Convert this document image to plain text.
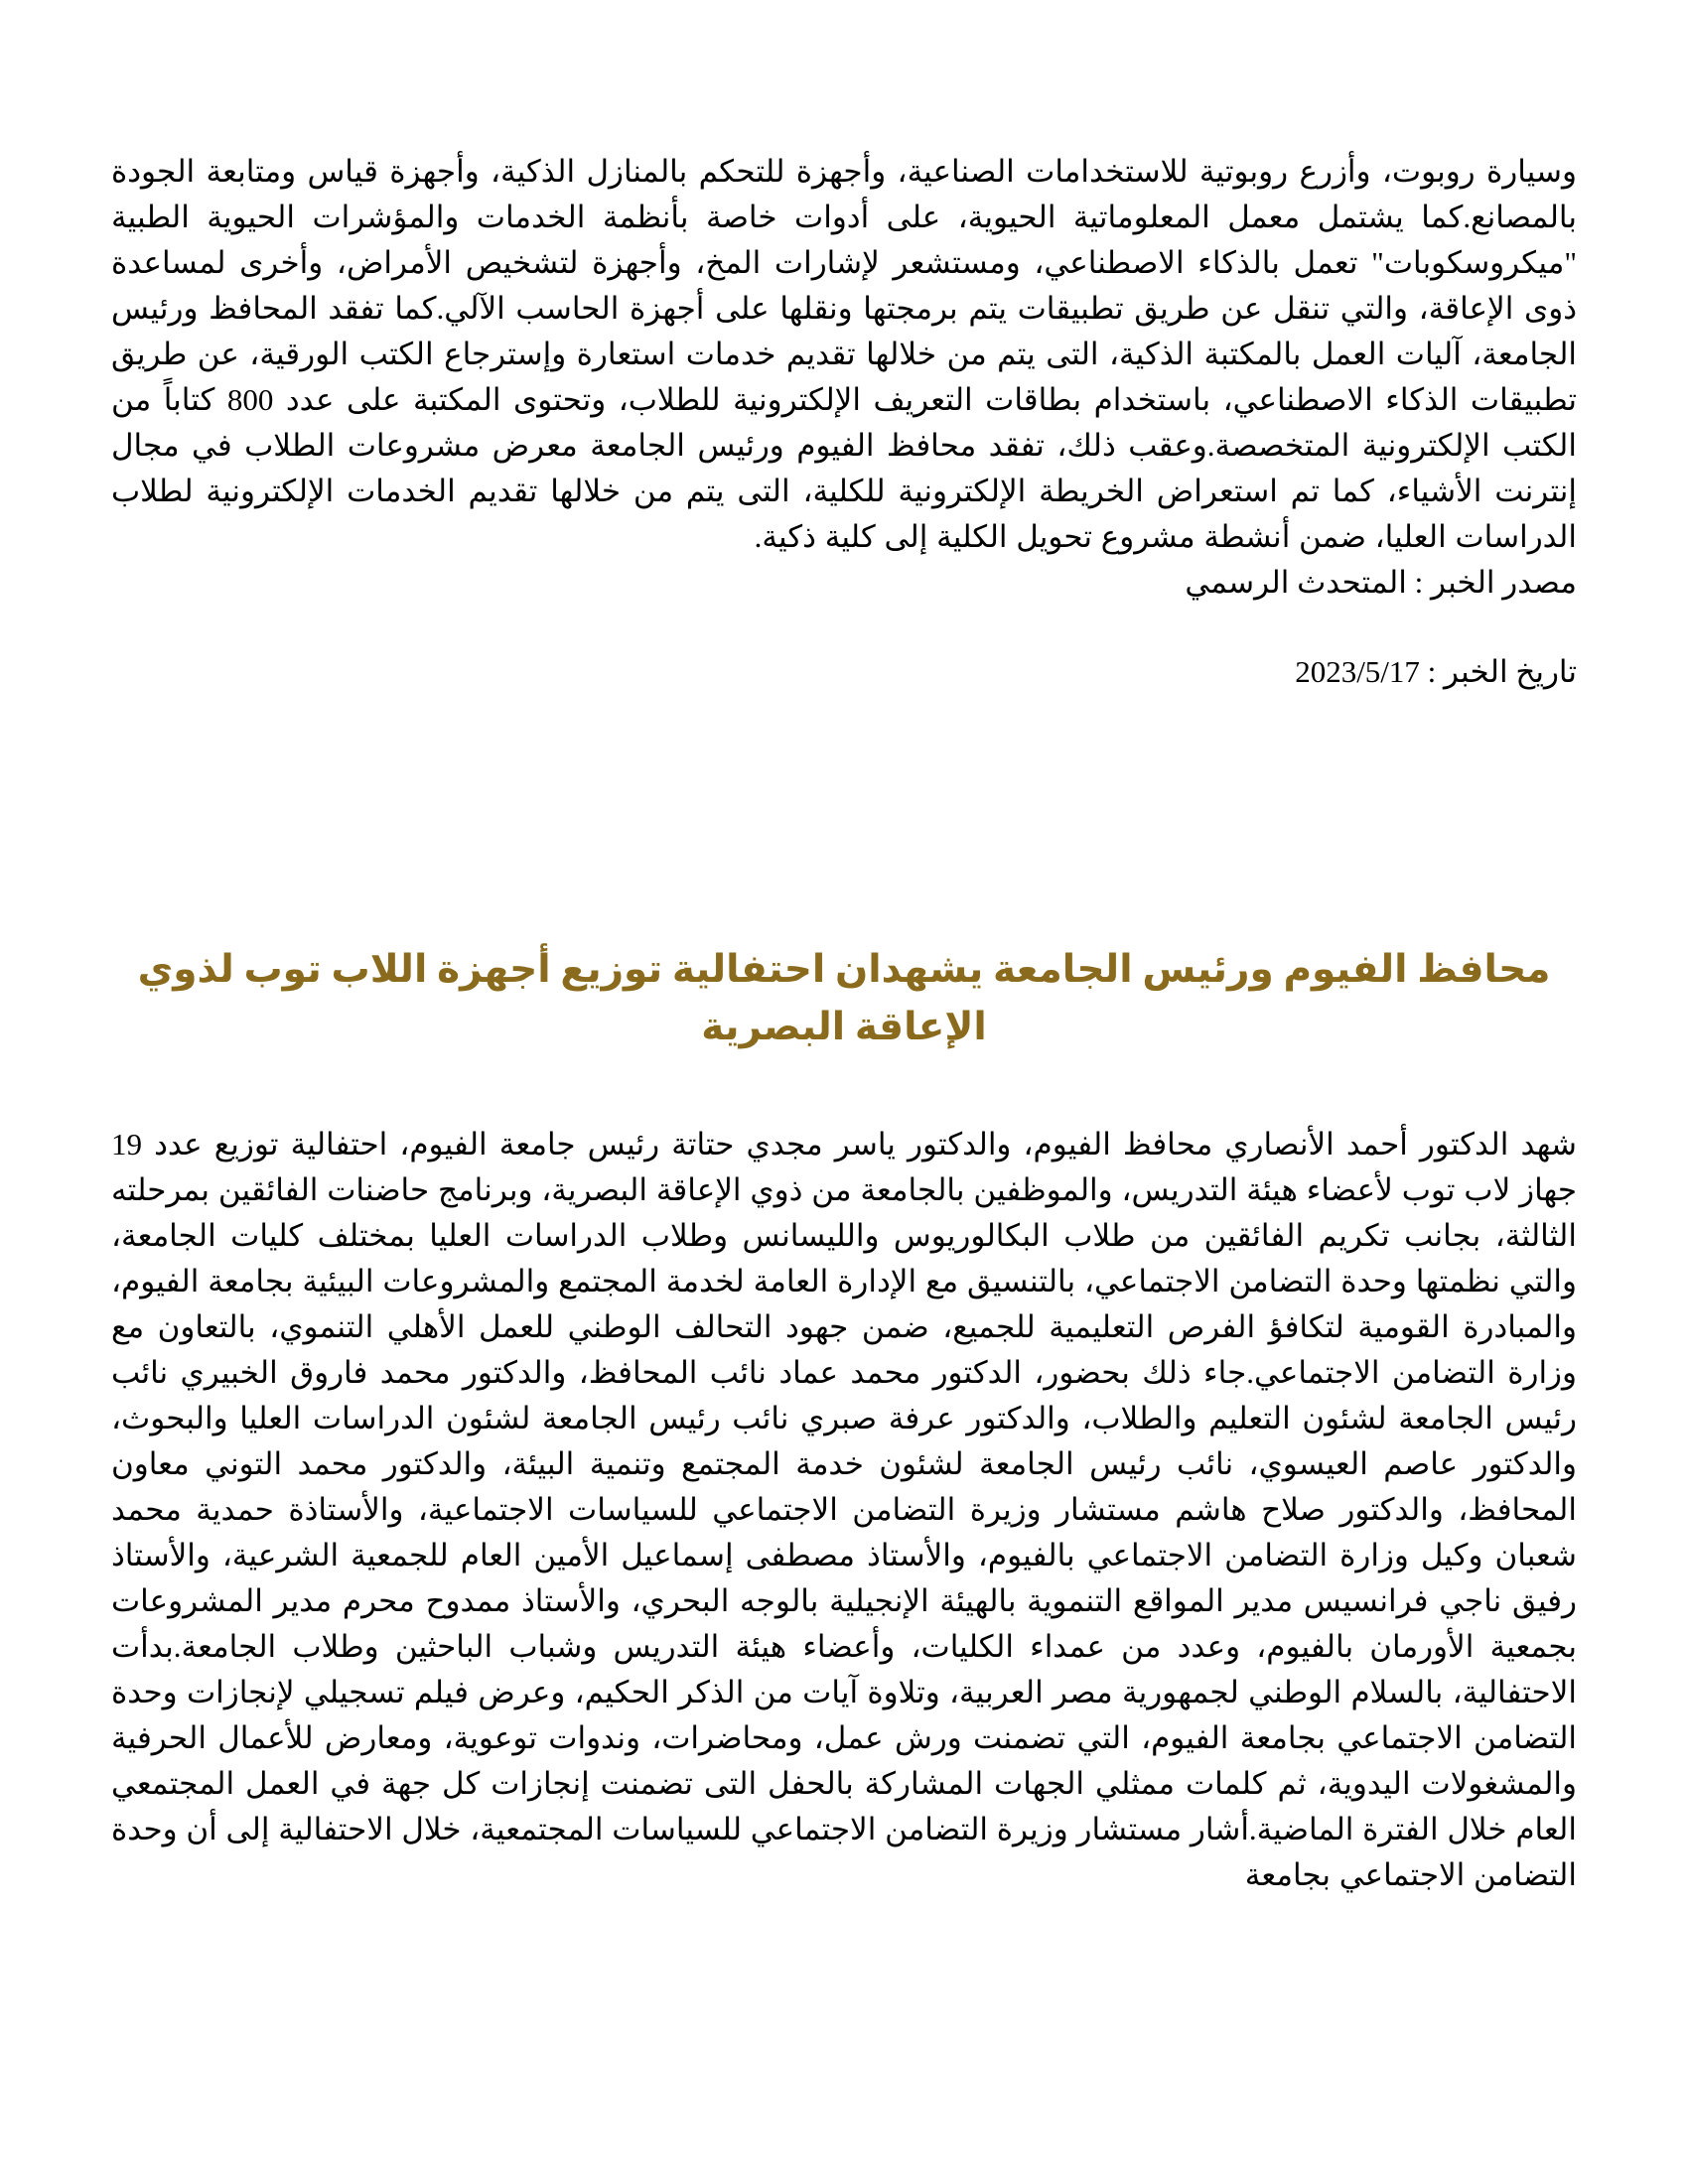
وسيارة روبوت، وأزرع روبوتية للاستخدامات الصناعية، وأجهزة للتحكم بالمنازل الذكية، وأجهزة قياس ومتابعة الجودة بالمصانع.كما يشتمل معمل المعلوماتية الحيوية، على أدوات خاصة بأنظمة الخدمات والمؤشرات الحيوية الطبية "ميكروسكوبات" تعمل بالذكاء الاصطناعي، ومستشعر لإشارات المخ، وأجهزة لتشخيص الأمراض، وأخرى لمساعدة ذوى الإعاقة، والتي تنقل عن طريق تطبيقات يتم برمجتها ونقلها على أجهزة الحاسب الآلي.كما تفقد المحافظ ورئيس الجامعة، آليات العمل بالمكتبة الذكية، التى يتم من خلالها تقديم خدمات استعارة وإسترجاع الكتب الورقية، عن طريق تطبيقات الذكاء الاصطناعي، باستخدام بطاقات التعريف الإلكترونية للطلاب، وتحتوى المكتبة على عدد 800 كتاباً من الكتب الإلكترونية المتخصصة.وعقب ذلك، تفقد محافظ الفيوم ورئيس الجامعة معرض مشروعات الطلاب في مجال إنترنت الأشياء، كما تم استعراض الخريطة الإلكترونية للكلية، التى يتم من خلالها تقديم الخدمات الإلكترونية لطلاب الدراسات العليا، ضمن أنشطة مشروع تحويل الكلية إلى كلية ذكية.

مصدر الخبر : المتحدث الرسمي

تاريخ الخبر : 2023/5/17

محافظ الفيوم ورئيس الجامعة يشهدان احتفالية توزيع أجهزة اللاب توب لذوي
الإعاقة البصرية

شهد الدكتور أحمد الأنصاري محافظ الفيوم، والدكتور ياسر مجدي حتاتة رئيس جامعة الفيوم، احتفالية توزيع عدد 19 جهاز لاب توب لأعضاء هيئة التدريس، والموظفين بالجامعة من ذوي الإعاقة البصرية، وبرنامج حاضنات الفائقين بمرحلته الثالثة، بجانب تكريم الفائقين من طلاب البكالوريوس والليسانس وطلاب الدراسات العليا بمختلف كليات الجامعة، والتي نظمتها وحدة التضامن الاجتماعي، بالتنسيق مع الإدارة العامة لخدمة المجتمع والمشروعات البيئية بجامعة الفيوم، والمبادرة القومية لتكافؤ الفرص التعليمية للجميع، ضمن جهود التحالف الوطني للعمل الأهلي التنموي، بالتعاون مع وزارة التضامن الاجتماعي.جاء ذلك بحضور، الدكتور محمد عماد نائب المحافظ، والدكتور محمد فاروق الخبيري نائب رئيس الجامعة لشئون التعليم والطلاب، والدكتور عرفة صبري نائب رئيس الجامعة لشئون الدراسات العليا والبحوث، والدكتور عاصم العيسوي، نائب رئيس الجامعة لشئون خدمة المجتمع وتنمية البيئة، والدكتور محمد التوني معاون المحافظ، والدكتور صلاح هاشم مستشار وزيرة التضامن الاجتماعي للسياسات الاجتماعية، والأستاذة حمدية محمد شعبان وكيل وزارة التضامن الاجتماعي بالفيوم، والأستاذ مصطفى إسماعيل الأمين العام للجمعية الشرعية، والأستاذ رفيق ناجي فرانسيس مدير المواقع التنموية بالهيئة الإنجيلية بالوجه البحري، والأستاذ ممدوح محرم مدير المشروعات بجمعية الأورمان بالفيوم، وعدد من عمداء الكليات، وأعضاء هيئة التدريس وشباب الباحثين وطلاب الجامعة.بدأت الاحتفالية، بالسلام الوطني لجمهورية مصر العربية، وتلاوة آيات من الذكر الحكيم، وعرض فيلم تسجيلي لإنجازات وحدة التضامن الاجتماعي بجامعة الفيوم، التي تضمنت ورش عمل، ومحاضرات، وندوات توعوية، ومعارض للأعمال الحرفية والمشغولات اليدوية، ثم كلمات ممثلي الجهات المشاركة بالحفل التى تضمنت إنجازات كل جهة في العمل المجتمعي العام خلال الفترة الماضية.أشار مستشار وزيرة التضامن الاجتماعي للسياسات المجتمعية، خلال الاحتفالية إلى أن وحدة التضامن الاجتماعي بجامعة
